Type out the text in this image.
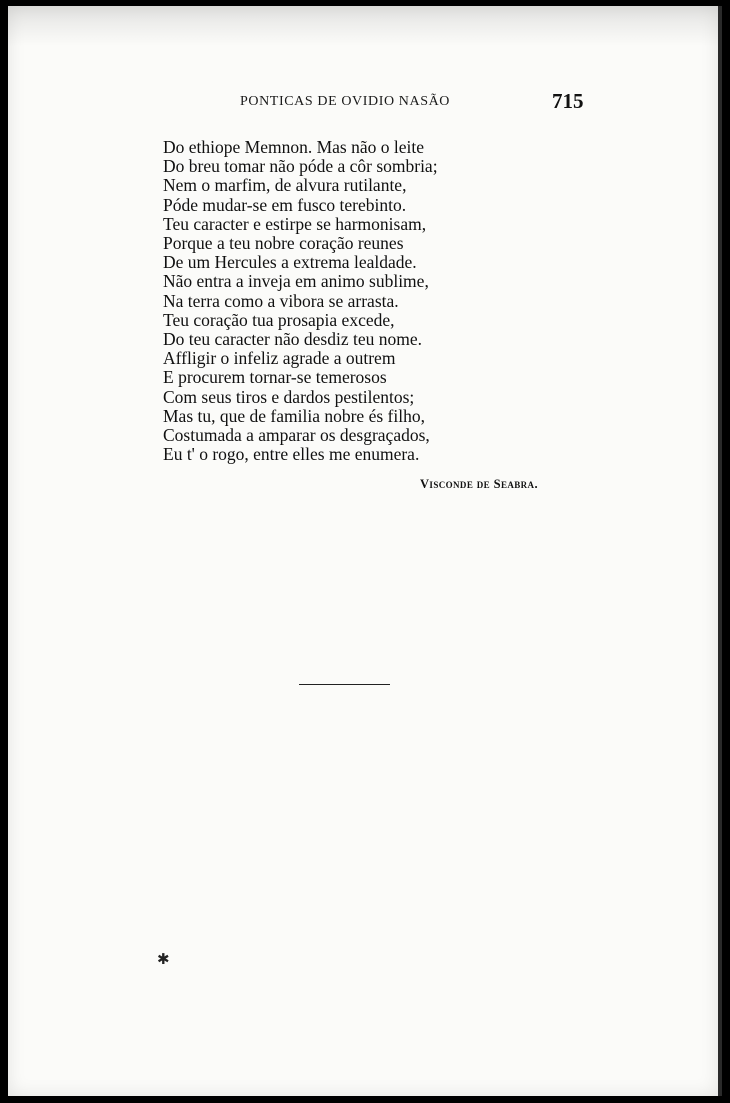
PONTICAS DE OVIDIO NASÃO	715
Do ethiope Memnon. Mas não o leite
Do breu tomar não póde a côr sombria;
Nem o marfim, de alvura rutilante,
Póde mudar-se em fusco terebinto.
Teu caracter e estirpe se harmonisam,
Porque a teu nobre coração reunes
De um Hercules a extrema lealdade.
Não entra a inveja em animo sublime,
Na terra como a vibora se arrasta.
Teu coração tua prosapia excede,
Do teu caracter não desdiz teu nome.
Affligir o infeliz agrade a outrem
E procurem tornar-se temerosos
Com seus tiros e dardos pestilentos;
Mas tu, que de familia nobre és filho,
Costumada a amparar os desgraçados,
Eu t' o rogo, entre elles me enumera.
Visconde de Seabra.
✱
